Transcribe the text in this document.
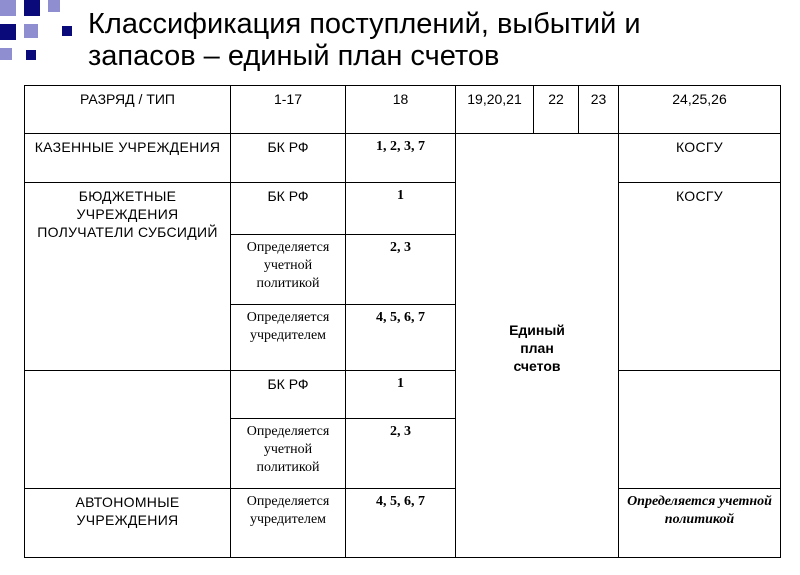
Классификация поступлений, выбытий и
запасов – единый план счетов
РАЗРЯД / ТИП	1-17	18	19,20,21	22	23	24,25,26
КАЗЕННЫЕ УЧРЕЖДЕНИЯ	БК РФ	1, 2, 3, 7	Единый
план
счетов			КОСГУ
БЮДЖЕТНЫЕ УЧРЕЖДЕНИЯ ПОЛУЧАТЕЛИ СУБСИДИЙ	БК РФ	1				КОСГУ
	Определяется учетной политикой	2, 3				
	Определяется учредителем	4, 5, 6, 7				
	БК РФ	1				
	Определяется учетной политикой	2, 3				
АВТОНОМНЫЕ УЧРЕЖДЕНИЯ	Определяется учредителем	4, 5, 6, 7				Определяется учетной политикой
